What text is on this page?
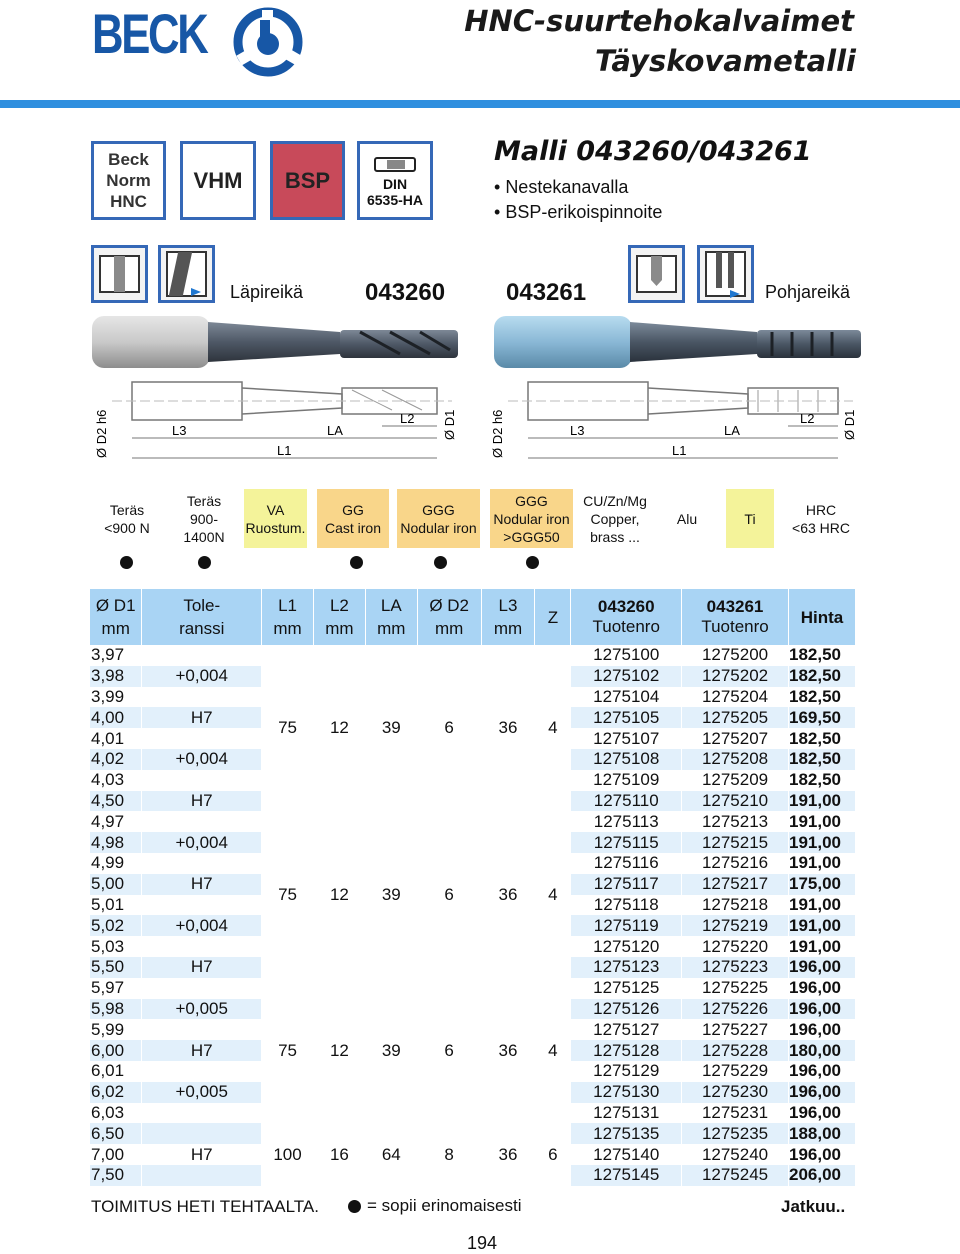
BECK	HNC-suurtehokalvaimet
Täyskovametalli
Beck
Norm
HNC
VHM BSP	DIN
6535-HA
Malli 043260/043261
• Nestekanavalla
• BSP-erikoispinnoite
Läpireikä	043260	043261	Pohjareikä
Ø D2 h6	L3	LA
L2 Ø D1
L1	Ø D2 h6	L3	LA
L2 Ø D1
L1
Teräs
<900 N
Teräs
900-1400N
VA
Ruostum.
GG
Cast iron
GGG
Nodular iron
GGG
Nodular iron
>GGG50
CU/Zn/Mg
Copper,
brass ...
Alu	Ti
HRC
<63 HRC
Ø D1
mm	Tole-
ranssi	L1
mm	L2
mm	LA
mm	Ø D2
mm	L3
mm	Z	043260
Tuotenro	043261
Tuotenro	Hinta
3,97		75	12	39	6	36	4	1275100	1275200	182,50
3,98	+0,004							1275102	1275202	182,50
3,99								1275104	1275204	182,50
4,00	H7							1275105	1275205	169,50
4,01								1275107	1275207	182,50
4,02	+0,004							1275108	1275208	182,50
4,03								1275109	1275209	182,50
4,50	H7							1275110	1275210	191,00
4,97		75	12	39	6	36	4	1275113	1275213	191,00
4,98	+0,004							1275115	1275215	191,00
4,99								1275116	1275216	191,00
5,00	H7							1275117	1275217	175,00
5,01								1275118	1275218	191,00
5,02	+0,004							1275119	1275219	191,00
5,03								1275120	1275220	191,00
5,50	H7							1275123	1275223	196,00
5,97		75	12	39	6	36	4	1275125	1275225	196,00
5,98	+0,005							1275126	1275226	196,00
5,99								1275127	1275227	196,00
6,00	H7							1275128	1275228	180,00
6,01								1275129	1275229	196,00
6,02	+0,005							1275130	1275230	196,00
6,03								1275131	1275231	196,00
6,50		100	16	64	8	36	6	1275135	1275235	188,00
7,00	H7							1275140	1275240	196,00
7,50								1275145	1275245	206,00
TOIMITUS HETI TEHTAALTA.	= sopii erinomaisesti	Jatkuu..
194
